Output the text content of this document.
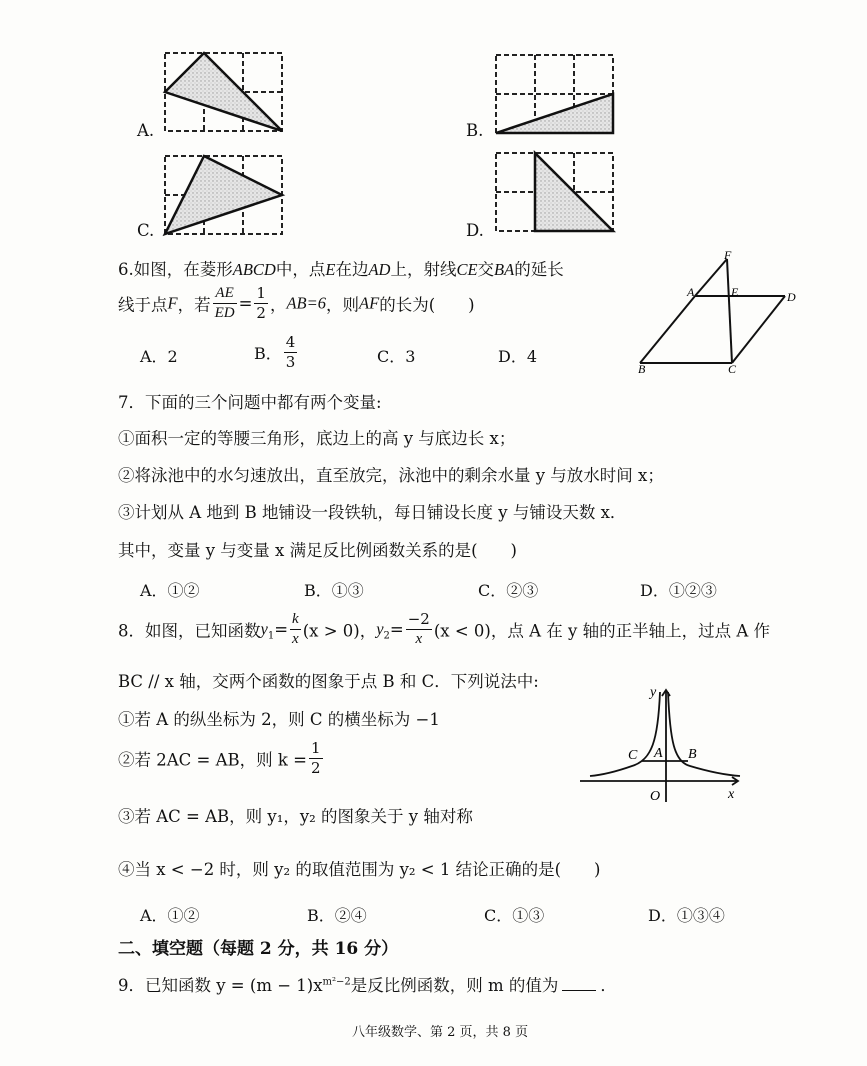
A.	B.
C.	D.
6.如图，在菱形ABCD中，点E在边AD上，射线CE交BA的延长
线于点F，若 $\frac{AE}{ED} = \frac{1}{2}$ ，AB=6，则AF的长为(　　)
A．2	B． $\frac{4}{3}$	C．3	D．4
F
A	E	D
B	C
7．下面的三个问题中都有两个变量:
①面积一定的等腰三角形，底边上的高 y 与底边长 x；
②将泳池中的水匀速放出，直至放完，泳池中的剩余水量 y 与放水时间 x；
③计划从 A 地到 B 地铺设一段铁轨，每日铺设长度 y 与铺设天数 x．
其中，变量 y 与变量 x 满足反比例函数关系的是(　　)
A．①②	B．①③	C．②③	D．①②③
8．如图，已知函数$y_1= \frac{k}{x} (x > 0)$，$y_2= \frac{-2}{x} (x < 0)$，点 A 在 y 轴的正半轴上，过点 A 作
BC // x 轴，交两个函数的图象于点 B 和 C．下列说法中:
①若 A 的纵坐标为 2，则 C 的横坐标为 −1
②若 2AC = AB，则 $k = \frac{1}{2}$
③若 AC = AB，则 y₁，y₂ 的图象关于 y 轴对称
④当 x < −2 时，则 y₂ 的取值范围为 y₂ < 1 结论正确的是(　　)
A．①②	B．②④	C．①③	D．①③④
y
x
O
A B
C
二、填空题（每题 2 分，共 16 分）
9．已知函数 $y = (m - 1)x^{m^2-2}$是反比例函数，则 m 的值为	．
八年级数学、第 2 页，共 8 页
